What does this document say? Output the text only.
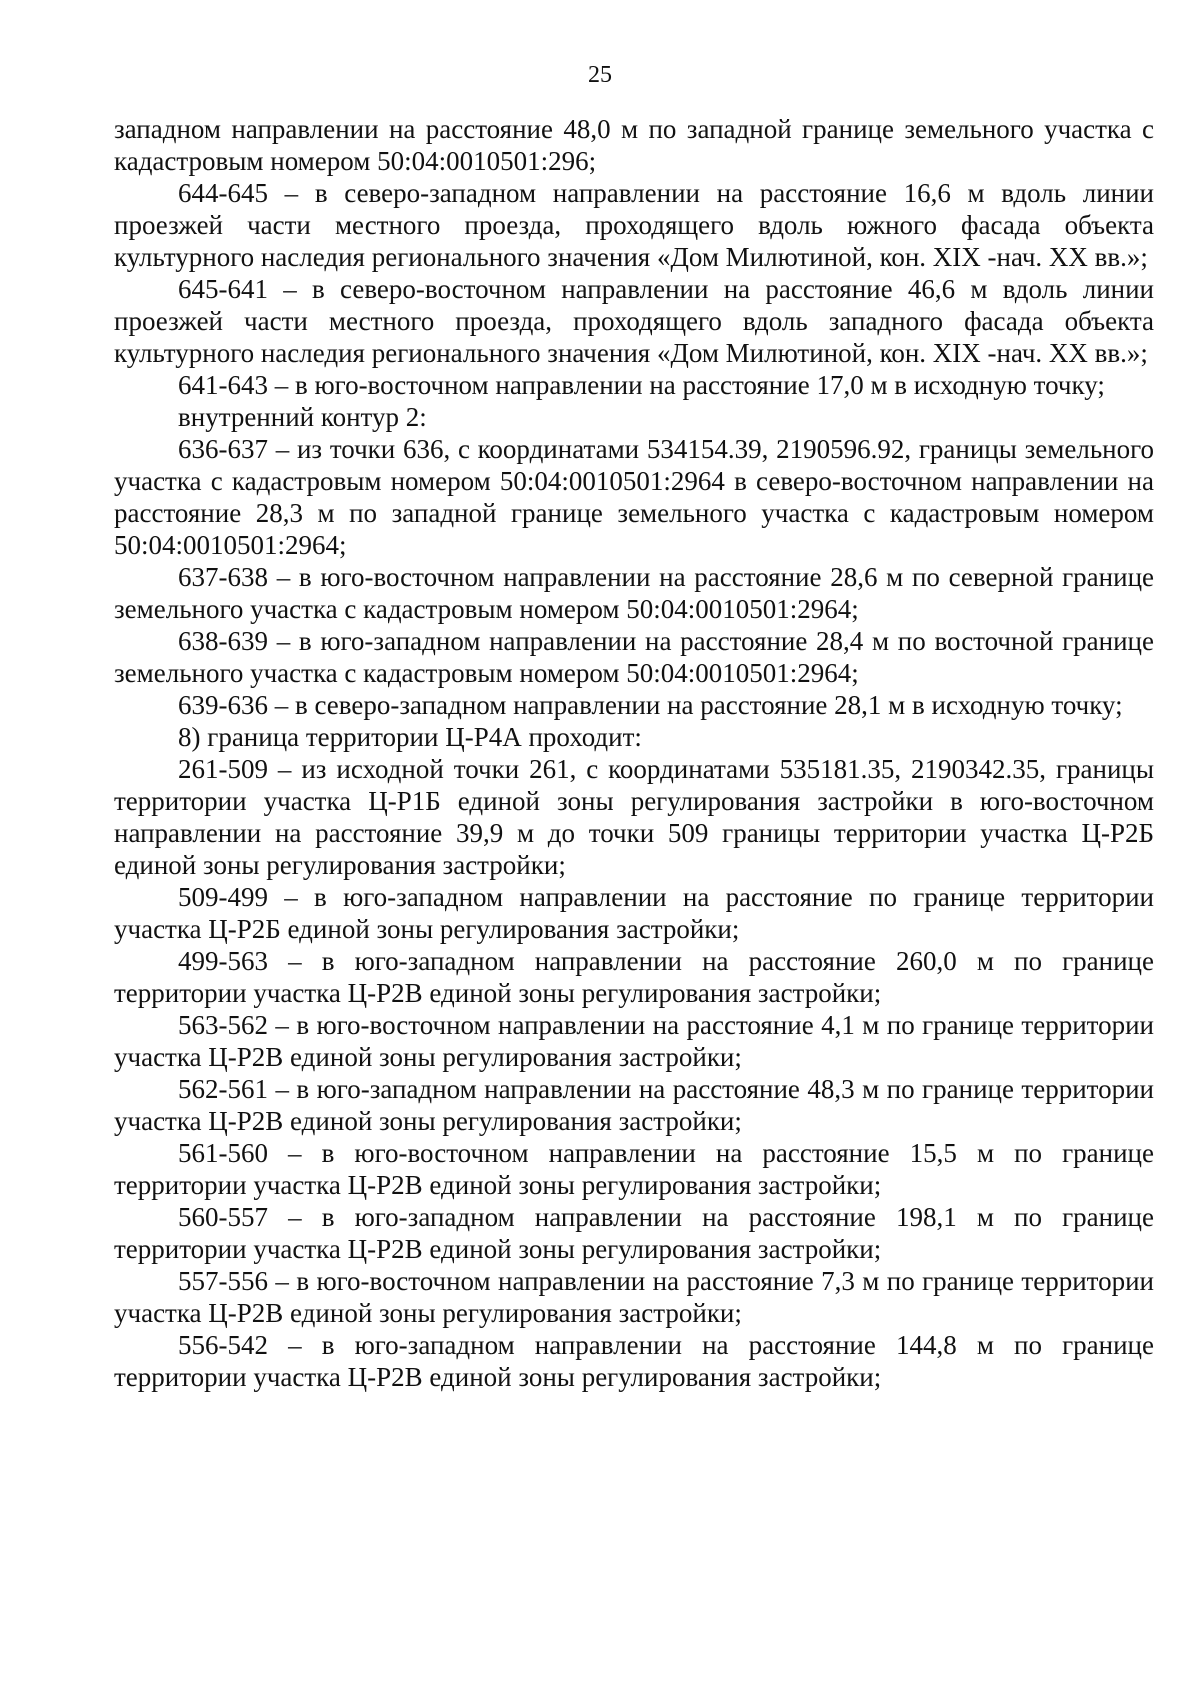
25

западном направлении на расстояние 48,0 м по западной границе земельного участка с кадастровым номером 50:04:0010501:296;

644-645 – в северо-западном направлении на расстояние 16,6 м вдоль линии проезжей части местного проезда, проходящего вдоль южного фасада объекта культурного наследия регионального значения «Дом Милютиной, кон. XIX -нач. XX вв.»;

645-641 – в северо-восточном направлении на расстояние 46,6 м вдоль линии проезжей части местного проезда, проходящего вдоль западного фасада объекта культурного наследия регионального значения «Дом Милютиной, кон. XIX -нач. XX вв.»;

641-643 – в юго-восточном направлении на расстояние 17,0 м в исходную точку;

внутренний контур 2:

636-637 – из точки 636, с координатами 534154.39, 2190596.92, границы земельного участка с кадастровым номером 50:04:0010501:2964 в северо-восточном направлении на расстояние 28,3 м по западной границе земельного участка с кадастровым номером 50:04:0010501:2964;

637-638 – в юго-восточном направлении на расстояние 28,6 м по северной границе земельного участка с кадастровым номером 50:04:0010501:2964;

638-639 – в юго-западном направлении на расстояние 28,4 м по восточной границе земельного участка с кадастровым номером 50:04:0010501:2964;

639-636 – в северо-западном направлении на расстояние 28,1 м в исходную точку;

8) граница территории Ц-Р4А проходит:

261-509 – из исходной точки 261, с координатами 535181.35, 2190342.35, границы территории участка Ц-Р1Б единой зоны регулирования застройки в юго-восточном направлении на расстояние 39,9 м до точки 509 границы территории участка Ц-Р2Б единой зоны регулирования застройки;

509-499 – в юго-западном направлении на расстояние по границе территории участка Ц-Р2Б единой зоны регулирования застройки;

499-563 – в юго-западном направлении на расстояние 260,0 м по границе территории участка Ц-Р2В единой зоны регулирования застройки;

563-562 – в юго-восточном направлении на расстояние 4,1 м по границе территории участка Ц-Р2В единой зоны регулирования застройки;

562-561 – в юго-западном направлении на расстояние 48,3 м по границе территории участка Ц-Р2В единой зоны регулирования застройки;

561-560 – в юго-восточном направлении на расстояние 15,5 м по границе территории участка Ц-Р2В единой зоны регулирования застройки;

560-557 – в юго-западном направлении на расстояние 198,1 м по границе территории участка Ц-Р2В единой зоны регулирования застройки;

557-556 – в юго-восточном направлении на расстояние 7,3 м по границе территории участка Ц-Р2В единой зоны регулирования застройки;

556-542 – в юго-западном направлении на расстояние 144,8 м по границе территории участка Ц-Р2В единой зоны регулирования застройки;
